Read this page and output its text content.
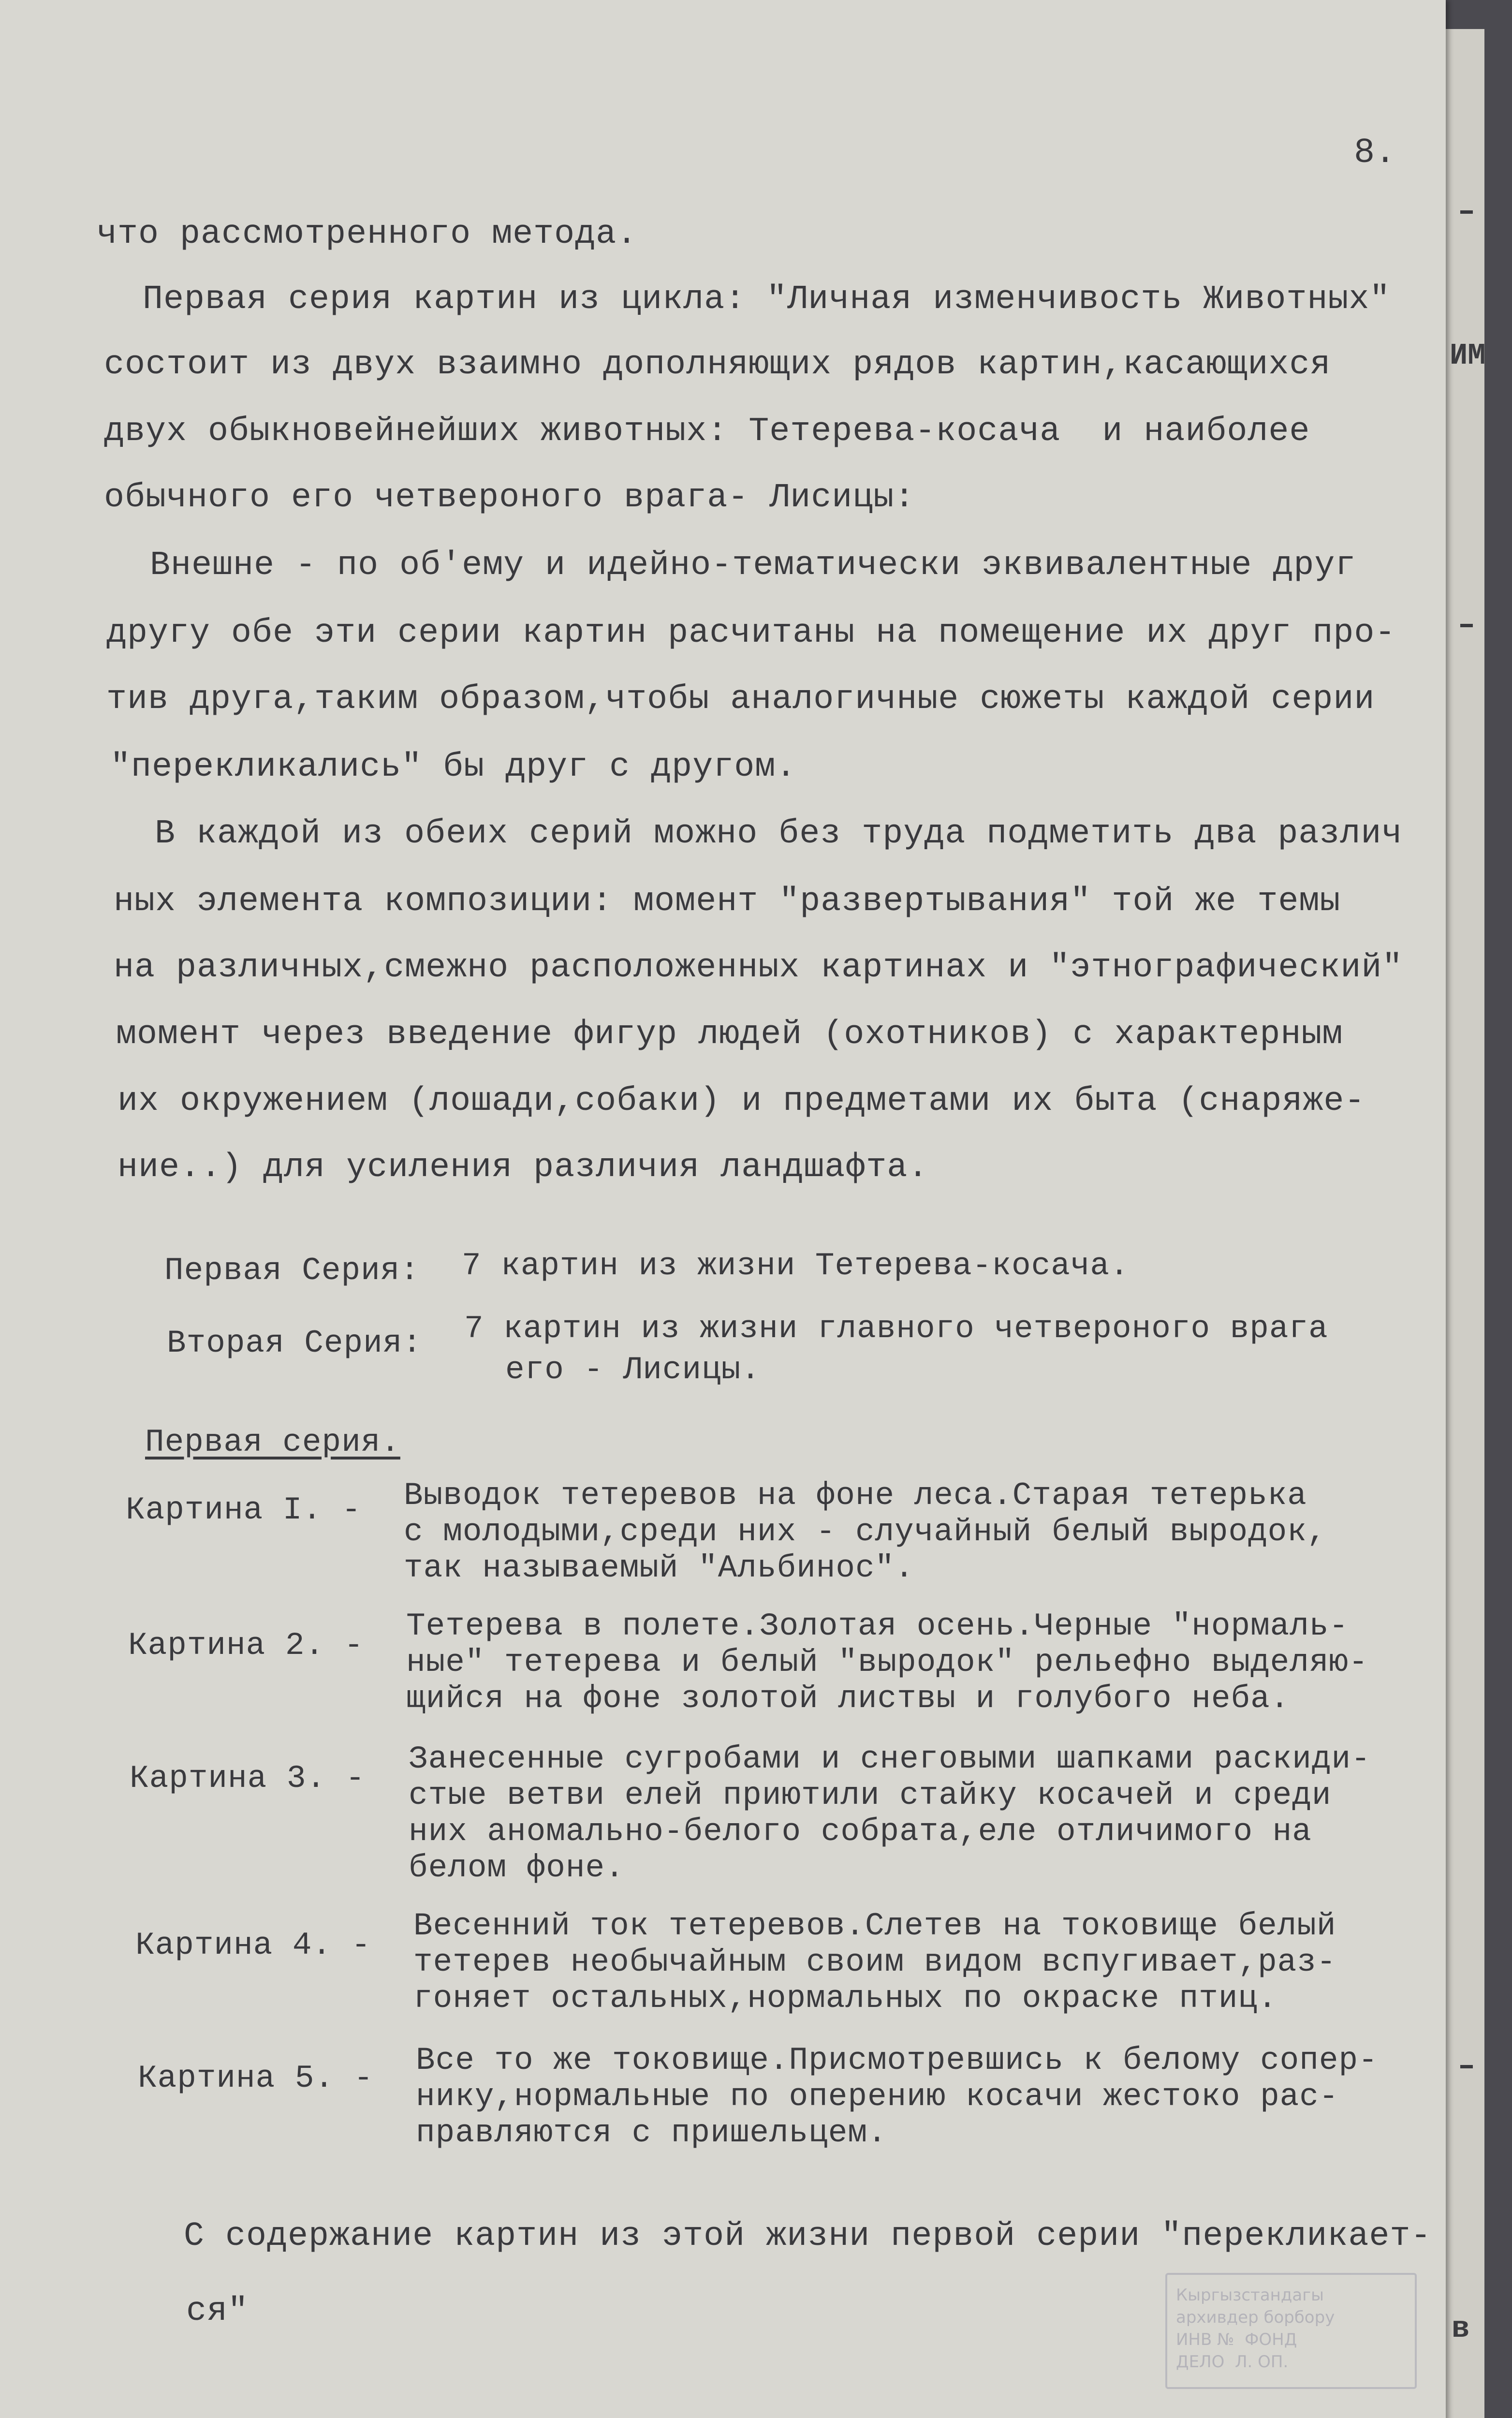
ИМ
в
8.
что рассмотренного метода.
Первая серия картин из цикла: "Личная изменчивость Животных"
состоит из двух взаимно дополняющих рядов картин,касающихся
двух обыкновейнейших животных: Тетерева-косача  и наиболее
обычного его четвероного врага- Лисицы:
Внешне - по об'ему и идейно-тематически эквивалентные друг
другу обе эти серии картин расчитаны на помещение их друг про-
тив друга,таким образом,чтобы аналогичные сюжеты каждой серии
"перекликались" бы друг с другом.
В каждой из обеих серий можно без труда подметить два различ
ных элемента композиции: момент "развертывания" той же темы
на различных,смежно расположенных картинах и "этнографический"
момент через введение фигур людей (охотников) с характерным
их окружением (лошади,собаки) и предметами их быта (снаряже-
ние..) для усиления различия ландшафта.
Первая Серия: 7 картин из жизни Тетерева-косача.
Вторая Серия: 7 картин из жизни главного четвероного врага
его - Лисицы.
Первая серия.
Картина I. - Выводок тетеревов на фоне леса.Старая тетерька
с молодыми,среди них - случайный белый выродок,
так называемый "Альбинос".
Картина 2. -
Тетерева в полете.Золотая осень.Черные "нормаль-
ные" тетерева и белый "выродок" рельефно выделяю-
щийся на фоне золотой листвы и голубого неба.
Картина 3. -
Занесенные сугробами и снеговыми шапками раскиди-
стые ветви елей приютили стайку косачей и среди
них аномально-белого собрата,еле отличимого на
белом фоне.
Картина 4. -
Весенний ток тетеревов.Слетев на токовище белый
тетерев необычайным своим видом вспугивает,раз-
гоняет остальных,нормальных по окраске птиц.
Картина 5. - Все то же токовище.Присмотревшись к белому сопер-
нику,нормальные по оперению косачи жестоко рас-
правляются с пришельцем.
С содержание картин из этой жизни первой серии "перекликает-
ся"	Кыргызстандагы
архивдер борбору
ИНВ №  ФОНД
ДЕЛО  Л. ОП.
